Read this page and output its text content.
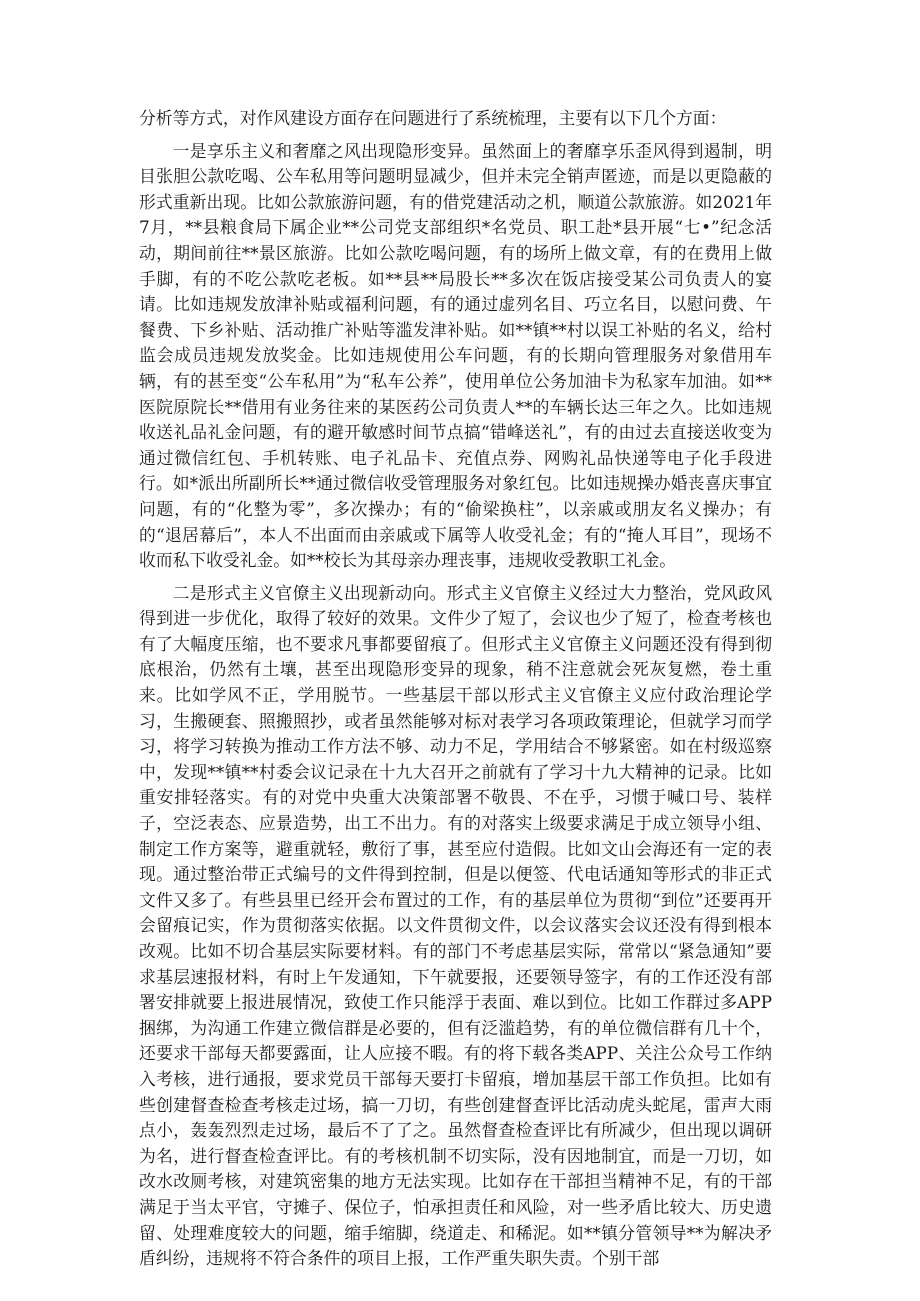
分析等方式，对作风建设方面存在问题进行了系统梳理，主要有以下几个方面：

一是享乐主义和奢靡之风出现隐形变异。虽然面上的奢靡享乐歪风得到遏制，明目张胆公款吃喝、公车私用等问题明显减少，但并未完全销声匿迹，而是以更隐蔽的形式重新出现。比如公款旅游问题，有的借党建活动之机，顺道公款旅游。如2021年7月，**县粮食局下属企业**公司党支部组织*名党员、职工赴*县开展“七•”纪念活动，期间前往**景区旅游。比如公款吃喝问题，有的场所上做文章，有的在费用上做手脚，有的不吃公款吃老板。如**县**局股长**多次在饭店接受某公司负责人的宴请。比如违规发放津补贴或福利问题，有的通过虚列名目、巧立名目，以慰问费、午餐费、下乡补贴、活动推广补贴等滥发津补贴。如**镇**村以误工补贴的名义，给村监会成员违规发放奖金。比如违规使用公车问题，有的长期向管理服务对象借用车辆，有的甚至变“公车私用”为“私车公养”，使用单位公务加油卡为私家车加油。如**医院原院长**借用有业务往来的某医药公司负责人**的车辆长达三年之久。比如违规收送礼品礼金问题，有的避开敏感时间节点搞“错峰送礼”，有的由过去直接送收变为通过微信红包、手机转账、电子礼品卡、充值点券、网购礼品快递等电子化手段进行。如*派出所副所长**通过微信收受管理服务对象红包。比如违规操办婚丧喜庆事宜问题，有的“化整为零”，多次操办；有的“偷梁换柱”，以亲戚或朋友名义操办；有的“退居幕后”，本人不出面而由亲戚或下属等人收受礼金；有的“掩人耳目”，现场不收而私下收受礼金。如**校长为其母亲办理丧事，违规收受教职工礼金。

二是形式主义官僚主义出现新动向。形式主义官僚主义经过大力整治，党风政风得到进一步优化，取得了较好的效果。文件少了短了，会议也少了短了，检查考核也有了大幅度压缩，也不要求凡事都要留痕了。但形式主义官僚主义问题还没有得到彻底根治，仍然有土壤，甚至出现隐形变异的现象，稍不注意就会死灰复燃，卷土重来。比如学风不正，学用脱节。一些基层干部以形式主义官僚主义应付政治理论学习，生搬硬套、照搬照抄，或者虽然能够对标对表学习各项政策理论，但就学习而学习，将学习转换为推动工作方法不够、动力不足，学用结合不够紧密。如在村级巡察中，发现**镇**村委会议记录在十九大召开之前就有了学习十九大精神的记录。比如重安排轻落实。有的对党中央重大决策部署不敬畏、不在乎，习惯于喊口号、装样子，空泛表态、应景造势，出工不出力。有的对落实上级要求满足于成立领导小组、制定工作方案等，避重就轻，敷衍了事，甚至应付造假。比如文山会海还有一定的表现。通过整治带正式编号的文件得到控制，但是以便签、代电话通知等形式的非正式文件又多了。有些县里已经开会布置过的工作，有的基层单位为贯彻“到位”还要再开会留痕记实，作为贯彻落实依据。以文件贯彻文件，以会议落实会议还没有得到根本改观。比如不切合基层实际要材料。有的部门不考虑基层实际，常常以“紧急通知”要求基层速报材料，有时上午发通知，下午就要报，还要领导签字，有的工作还没有部署安排就要上报进展情况，致使工作只能浮于表面、难以到位。比如工作群过多APP捆绑，为沟通工作建立微信群是必要的，但有泛滥趋势，有的单位微信群有几十个，还要求干部每天都要露面，让人应接不暇。有的将下载各类APP、关注公众号工作纳入考核，进行通报，要求党员干部每天要打卡留痕，增加基层干部工作负担。比如有些创建督查检查考核走过场，搞一刀切，有些创建督查评比活动虎头蛇尾，雷声大雨点小，轰轰烈烈走过场，最后不了了之。虽然督查检查评比有所减少，但出现以调研为名，进行督查检查评比。有的考核机制不切实际，没有因地制宜，而是一刀切，如改水改厕考核，对建筑密集的地方无法实现。比如存在干部担当精神不足，有的干部满足于当太平官，守摊子、保位子，怕承担责任和风险，对一些矛盾比较大、历史遗留、处理难度较大的问题，缩手缩脚，绕道走、和稀泥。如**镇分管领导**为解决矛盾纠纷，违规将不符合条件的项目上报，工作严重失职失责。个别干部
